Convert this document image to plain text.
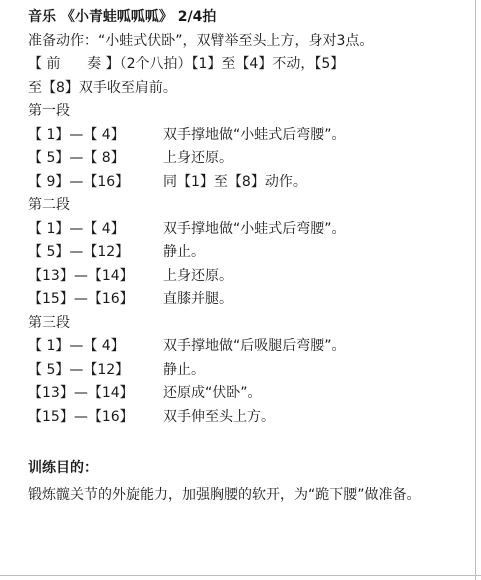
音乐 《小青蛙呱呱呱》 2/4拍
准备动作：“小蛙式伏卧”，双臂举至头上方，身对3点。
【 前      奏 】（2个八拍）【1】至【4】不动，【5】
至【8】双手收至肩前。
第一段
【 1】—【 4】	双手撑地做“小蛙式后弯腰”。
【 5】—【 8】	上身还原。
【 9】—【16】	同【1】至【8】动作。
第二段
【 1】—【 4】	双手撑地做“小蛙式后弯腰”。
【 5】—【12】	静止。
【13】—【14】	上身还原。
【15】—【16】	直膝并腿。
第三段
【 1】—【 4】	双手撑地做“后吸腿后弯腰”。
【 5】—【12】	静止。
【13】—【14】	还原成“伏卧”。
【15】—【16】	双手伸至头上方。
训练目的：
锻炼髋关节的外旋能力，加强胸腰的软开，为“跪下腰”做准备。
